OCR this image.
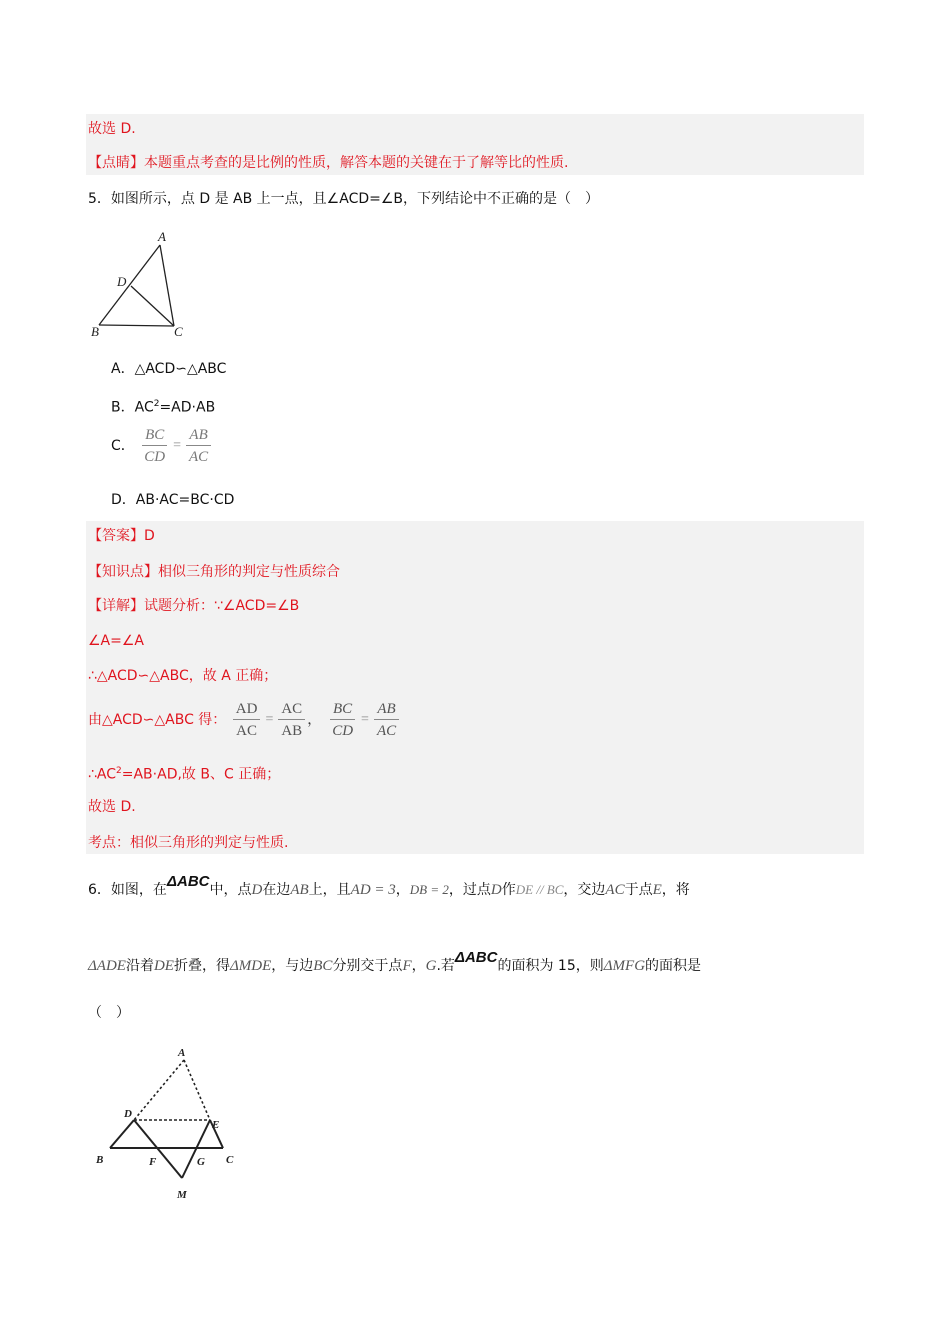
故选 D.
【点睛】本题重点考查的是比例的性质，解答本题的关键在于了解等比的性质.
5．如图所示，点 D 是 AB 上一点，且∠ACD=∠B，下列结论中不正确的是（　）
A
D
B	C
A．△ACD∽△ABC
B．$AC^2=AD\cdot AB$
C． $\frac{BC}{CD} = \frac{AB}{AC}$
D．AB·AC=BC·CD
【答案】D
【知识点】相似三角形的判定与性质综合
【详解】试题分析：∵∠ACD=∠B
∠A=∠A
∴△ACD∽△ABC，故 A 正确；
由△ACD∽△ABC 得： $\frac{AD}{AC} = \frac{AC}{AB}$ ， $\frac{BC}{CD} = \frac{AB}{AC}$
$\therefore AC^2=AB\cdot AD$,故 B、C 正确；
故选 D.
考点：相似三角形的判定与性质.
6．如图，在ΔABC中，点D在边AB上，且AD = 3，DB = 2，过点D作DE // BC，交边AC于点E，将
ΔADE沿着DE折叠，得ΔMDE，与边BC分别交于点F，G.若ΔABC的面积为 15，则ΔMFG的面积是
（　）
A
D
E
B	F	G C
M
